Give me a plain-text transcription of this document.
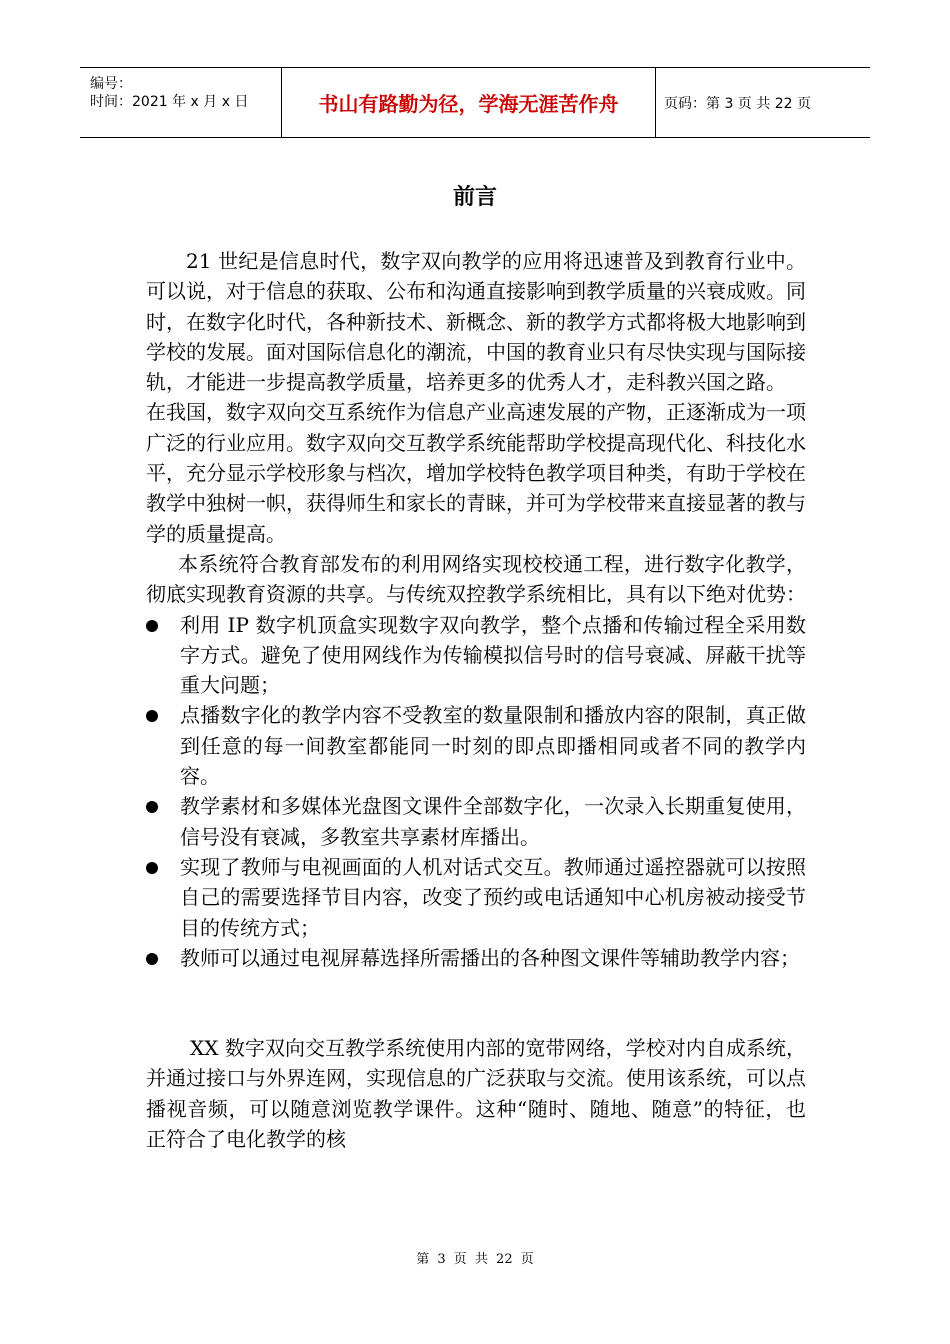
编号：
时间：2021 年 x 月 x 日	书山有路勤为径，学海无涯苦作舟	页码：第 3 页 共 22 页
前言

21 世纪是信息时代，数字双向教学的应用将迅速普及到教育行业中。可以说，对于信息的获取、公布和沟通直接影响到教学质量的兴衰成败。同时，在数字化时代，各种新技术、新概念、新的教学方式都将极大地影响到学校的发展。面对国际信息化的潮流，中国的教育业只有尽快实现与国际接轨，才能进一步提高教学质量，培养更多的优秀人才，走科教兴国之路。

在我国，数字双向交互系统作为信息产业高速发展的产物，正逐渐成为一项广泛的行业应用。数字双向交互教学系统能帮助学校提高现代化、科技化水平，充分显示学校形象与档次，增加学校特色教学项目种类，有助于学校在教学中独树一帜，获得师生和家长的青睐，并可为学校带来直接显著的教与学的质量提高。

本系统符合教育部发布的利用网络实现校校通工程，进行数字化教学，彻底实现教育资源的共享。与传统双控教学系统相比，具有以下绝对优势：

利用 IP 数字机顶盒实现数字双向教学，整个点播和传输过程全采用数字方式。避免了使用网线作为传输模拟信号时的信号衰减、屏蔽干扰等重大问题；
点播数字化的教学内容不受教室的数量限制和播放内容的限制，真正做到任意的每一间教室都能同一时刻的即点即播相同或者不同的教学内容。
教学素材和多媒体光盘图文课件全部数字化，一次录入长期重复使用，信号没有衰减，多教室共享素材库播出。
实现了教师与电视画面的人机对话式交互。教师通过遥控器就可以按照自己的需要选择节目内容，改变了预约或电话通知中心机房被动接受节目的传统方式；
教师可以通过电视屏幕选择所需播出的各种图文课件等辅助教学内容；

XX 数字双向交互教学系统使用内部的宽带网络，学校对内自成系统，并通过接口与外界连网，实现信息的广泛获取与交流。使用该系统，可以点播视音频，可以随意浏览教学课件。这种“随时、随地、随意”的特征，也正符合了电化教学的核

第 3 页 共 22 页
